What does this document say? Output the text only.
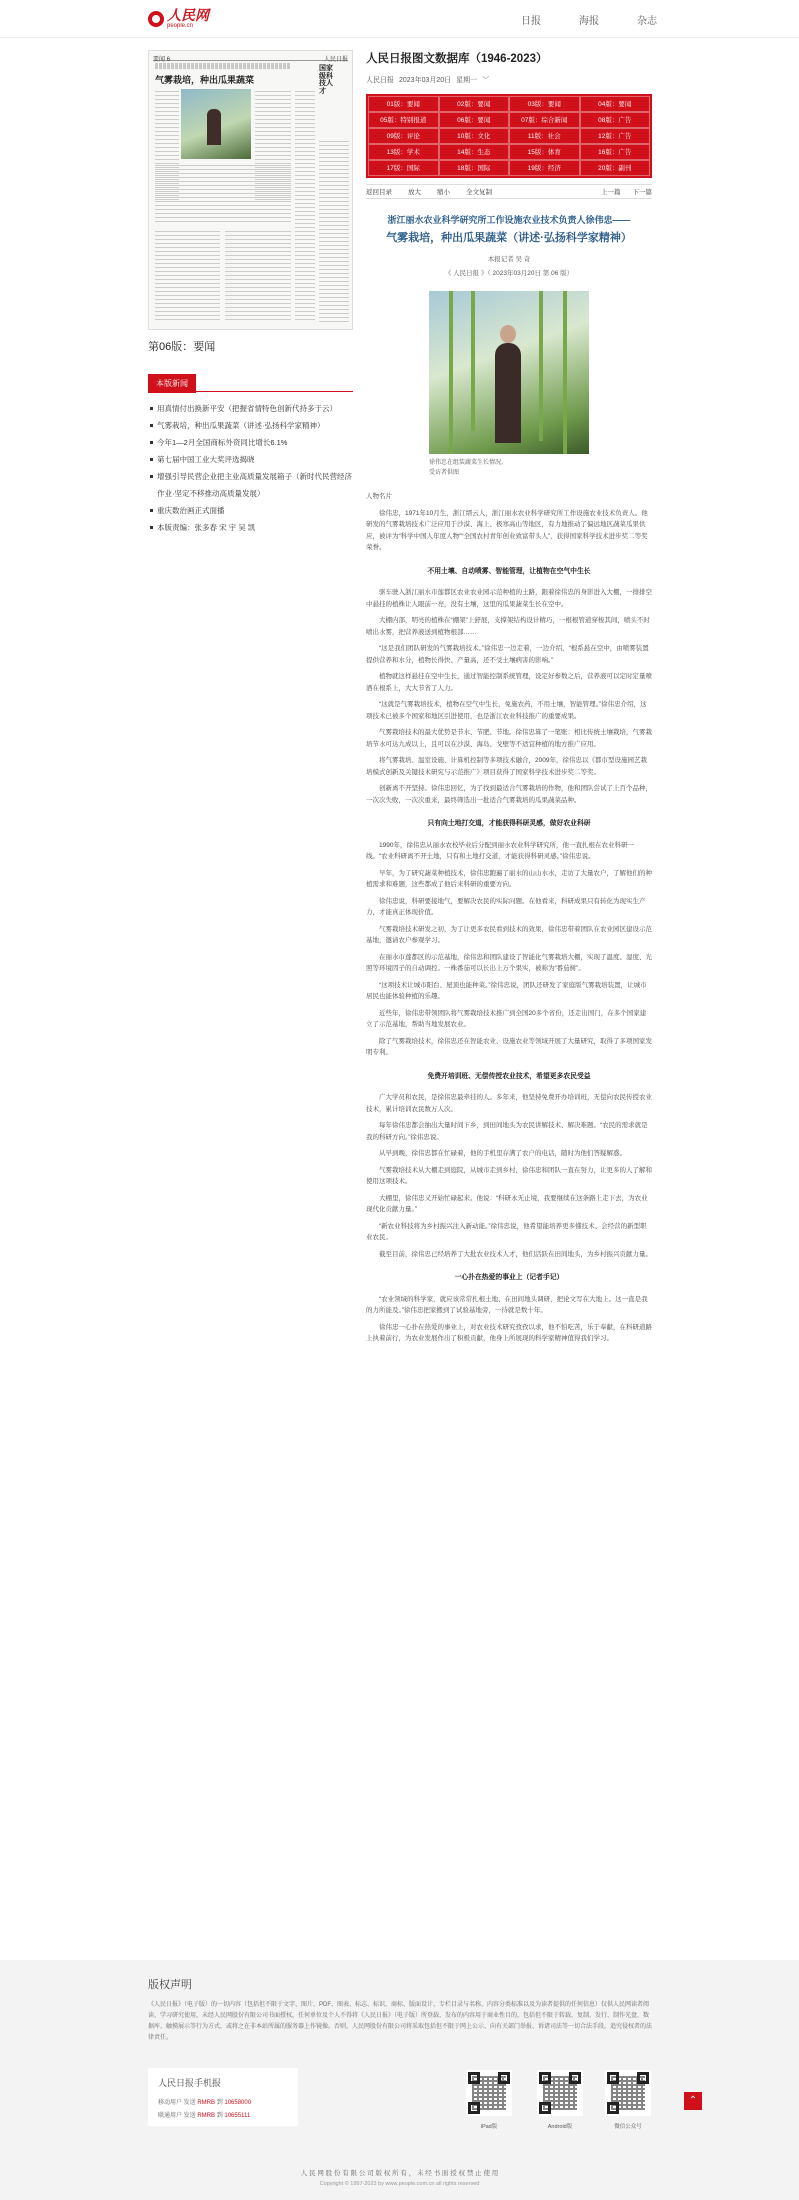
人民网
people.cn	日报	海报	杂志
要闻 6	人民日报
气雾栽培，种出瓜果蔬菜
国家级科技人才
第06版：要闻
本版新闻
用真情付出换新平安（把握省情特色创新代持多于云）
气雾栽培，种出瓜果蔬菜（讲述·弘扬科学家精神）
今年1—2月全国商标外资同比增长6.1%
第七届中国工业大奖评选揭晓
增强引导民营企业把主业高质量发展箱子（新时代民营经济作业·坚定不移推动高质量发展）
重庆数治画正式面播
本版责编：张多春 宋 宇 吴 凯
人民日报图文数据库（1946-2023）
人民日报 2023年03月20日 星期一 ﹀
01版：要闻	02版：要闻	03版：要闻	04版：要闻
05版：特别报道	06版：要闻	07版：综合新闻	08版：广告
09版：评论	10版：文化	11版：社会	12版：广告
13版：学术	14版：生态	15版：体育	16版：广告
17版：国际	18版：国际	19版：经济	20版：副刊
返回目录 放大 缩小 全文复制	上一篇 下一篇
浙江丽水农业科学研究所工作设施农业技术负责人徐伟忠——
气雾栽培，种出瓜果蔬菜（讲述·弘扬科学家精神）
本报记者 吴 奇
《 人民日报 》（ 2023年03月20日 第 06 版）
徐伟忠在组装蔬菜生长情况。
受访者供图

人物名片

徐伟忠，1971年10月生，浙江缙云人，浙江丽水农业科学研究所工作设施农业技术负责人。他研发的气雾栽培技术广泛应用于沙漠、海上、极寒高山等地区，有力地推动了偏远地区蔬菜瓜果供应，被评为“科学中国人年度人物”“全国农村青年创业致富带头人”，获得国家科学技术进步奖二等奖荣誉。

不用土壤、自动喷雾、智能管理，让植物在空气中生长

驱车驶入浙江丽水市莲都区农业农业园示范种植的土路，跟着徐伟忠的身影进入大棚，一排排空中悬挂的植株让人眼前一亮，没有土壤，这里的瓜果蔬菜生长在空中。

大棚内部，明亮的植株在“棚架”上舒展，支撑架结构设计精巧，一根根管道穿梭其间，喷头不时喷出水雾，把营养液送到植物根部……

“这是我们团队研发的气雾栽培技术。”徐伟忠一边走着，一边介绍，“根系悬在空中，由喷雾装置提供营养和水分，植物长得快、产量高，还不受土壤病害的影响。”

植物就这样悬挂在空中生长，通过智能控制系统管理，设定好参数之后，营养液可以定时定量喷洒在根系上，大大节省了人力。

“这就是气雾栽培技术，植物在空气中生长，免施农药，不用土壤，智能管理。”徐伟忠介绍，这项技术已被多个国家和地区引进使用，也是浙江农业科技推广的重要成果。

气雾栽培技术的最大优势是节水、节肥、节地。徐伟忠算了一笔账：相比传统土壤栽培，气雾栽培节水可达九成以上，且可以在沙漠、海岛、戈壁等不适宜种植的地方推广应用。

将气雾栽培、温室设施、计算机控制等多项技术融合，2009年，徐伟忠以《都市型设施园艺栽培模式创新及关键技术研究与示范推广》项目获得了国家科学技术进步奖二等奖。

创新离不开坚持。徐伟忠回忆，为了找到最适合气雾栽培的作物，他和团队尝试了上百个品种，一次次失败，一次次重来，最终筛选出一批适合气雾栽培的瓜果蔬菜品种。

只有向土地打交道，才能获得科研灵感，做好农业科研

1990年，徐伟忠从丽水农校毕业后分配到丽水农业科学研究所，他一直扎根在农业科研一线。“农业科研离不开土地，只有和土地打交道，才能获得科研灵感。”徐伟忠说。

早年，为了研究蔬菜种植技术，徐伟忠跑遍了丽水的山山水水，走访了大量农户，了解他们的种植需求和难题，这些都成了他后来科研的重要方向。

徐伟忠说，科研要接地气，要解决农民的实际问题。在他看来，科研成果只有转化为现实生产力，才能真正体现价值。

气雾栽培技术研发之初，为了让更多农民看到技术的效果，徐伟忠带着团队在农业园区建设示范基地，邀请农户参观学习。

在丽水市莲都区的示范基地，徐伟忠和团队建设了智能化气雾栽培大棚，实现了温度、湿度、光照等环境因子的自动调控。一株番茄可以长出上万个果实，被称为“番茄树”。

“这项技术让城市阳台、屋顶也能种菜。”徐伟忠说，团队还研发了家庭版气雾栽培装置，让城市居民也能体验种植的乐趣。

近些年，徐伟忠带领团队将气雾栽培技术推广到全国20多个省份，还走出国门，在多个国家建立了示范基地，帮助当地发展农业。

除了气雾栽培技术，徐伟忠还在智能农业、设施农业等领域开展了大量研究，取得了多项国家发明专利。

免费开培训班、无偿传授农业技术，希望更多农民受益

广大学员和农民，是徐伟忠最牵挂的人。多年来，他坚持免费开办培训班，无偿向农民传授农业技术，累计培训农民数万人次。

每年徐伟忠都会抽出大量时间下乡，到田间地头为农民讲解技术、解决难题。“农民的需求就是我的科研方向。”徐伟忠说。

从早到晚，徐伟忠都在忙碌着，他的手机里存满了农户的电话，随时为他们答疑解惑。

气雾栽培技术从大棚走到庭院，从城市走到乡村，徐伟忠和团队一直在努力，让更多的人了解和使用这项技术。

大棚里，徐伟忠又开始忙碌起来。他说：“科研永无止境，我要继续在这条路上走下去，为农业现代化贡献力量。”

“新农业科技将为乡村振兴注入新动能。”徐伟忠说，他希望能培养更多懂技术、会经营的新型职业农民。

截至目前，徐伟忠已经培养了大批农业技术人才，他们活跃在田间地头，为乡村振兴贡献力量。

一心扑在热爱的事业上（记者手记）

“农业领域的科学家，就应该常常扎根土地、在田间地头调研，把论文写在大地上。这一直是我的力所能及。”徐伟忠把家搬到了试验基地旁，一待就是数十年。

徐伟忠一心扑在热爱的事业上，对农业技术研究孜孜以求，他不怕吃苦，乐于奉献，在科研道路上执着前行，为农业发展作出了积极贡献，他身上所展现的科学家精神值得我们学习。

版权声明
《人民日报》（电子版）的一切内容（包括但不限于文字、图片、PDF、图表、标志、标识、商标、版面设计、专栏目录与名称、内容分类标准以及为读者提供的任何信息）仅供人民网读者阅读、学习研究使用，未经人民网股份有限公司书面授权，任何单位及个人不得将《人民日报》（电子版）所登载、发布的内容用于商业性目的，包括但不限于转载、复制、发行、制作光盘、数据库、触摸展示等行为方式，或将之在非本站所属的服务器上作镜像。否则，人民网股份有限公司将采取包括但不限于网上公示、向有关部门举报、诉诸司法等一切合法手段，追究侵权者的法律责任。
人民日报手机报
移动用户 发送 RMRB 到 10658000
联通用户 发送 RMRB 到 10655111
iPad版	Android版	微信公众号
⌃
人 民 网 股 份 有 限 公 司 版 权 所 有 ， 未 经 书 面 授 权 禁 止 使 用
Copyright © 1997-2023 by www.people.com.cn all rights reserved
